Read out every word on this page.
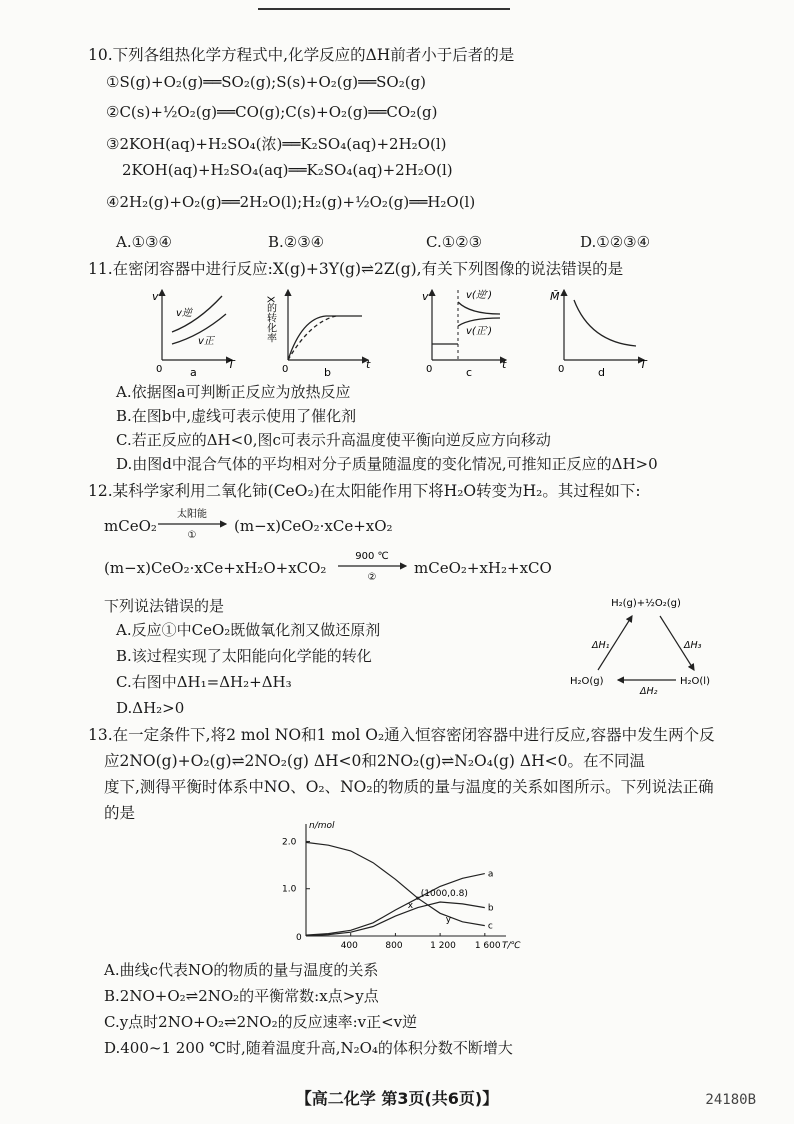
10.下列各组热化学方程式中,化学反应的ΔH前者小于后者的是
①S(g)+O₂(g)══SO₂(g);S(s)+O₂(g)══SO₂(g)
②C(s)+½O₂(g)══CO(g);C(s)+O₂(g)══CO₂(g)
③2KOH(aq)+H₂SO₄(浓)══K₂SO₄(aq)+2H₂O(l)
2KOH(aq)+H₂SO₄(aq)══K₂SO₄(aq)+2H₂O(l)
④2H₂(g)+O₂(g)══2H₂O(l);H₂(g)+½O₂(g)══H₂O(l)
A.①③④	B.②③④	C.①②③	D.①②③④
11.在密闭容器中进行反应:X(g)+3Y(g)⇌2Z(g),有关下列图像的说法错误的是
v
T
0
v逆
v正
a
X的转化率
t
0	b
v
t
0
v(逆′)
v(正′)
c
M̄
T
0	d
A.依据图a可判断正反应为放热反应
B.在图b中,虚线可表示使用了催化剂
C.若正反应的ΔH<0,图c可表示升高温度使平衡向逆反应方向移动
D.由图d中混合气体的平均相对分子质量随温度的变化情况,可推知正反应的ΔH>0
12.某科学家利用二氧化铈(CeO₂)在太阳能作用下将H₂O转变为H₂。其过程如下:
mCeO₂
太阳能
①
(m−x)CeO₂·xCe+xO₂
(m−x)CeO₂·xCe+xH₂O+xCO₂
900 ℃
②
mCeO₂+xH₂+xCO
下列说法错误的是
A.反应①中CeO₂既做氧化剂又做还原剂
B.该过程实现了太阳能向化学能的转化
C.右图中ΔH₁=ΔH₂+ΔH₃
D.ΔH₂>0
H₂(g)+½O₂(g)
H₂O(g)	H₂O(l)
ΔH₁	ΔH₃
ΔH₂
13.在一定条件下,将2 mol NO和1 mol O₂通入恒容密闭容器中进行反应,容器中发生两个反
应2NO(g)+O₂(g)⇌2NO₂(g) ΔH<0和2NO₂(g)⇌N₂O₄(g) ΔH<0。在不同温
度下,测得平衡时体系中NO、O₂、NO₂的物质的量与温度的关系如图所示。下列说法正确
的是
n/mol
T/℃
0
2.0
1.0
400	800	1 200 1 600
a
b
c
x
(1000,0.8)
y
A.曲线c代表NO的物质的量与温度的关系
B.2NO+O₂⇌2NO₂的平衡常数:x点>y点
C.y点时2NO+O₂⇌2NO₂的反应速率:v正<v逆
D.400~1 200 ℃时,随着温度升高,N₂O₄的体积分数不断增大
【高二化学 第3页(共6页)】	24180B
